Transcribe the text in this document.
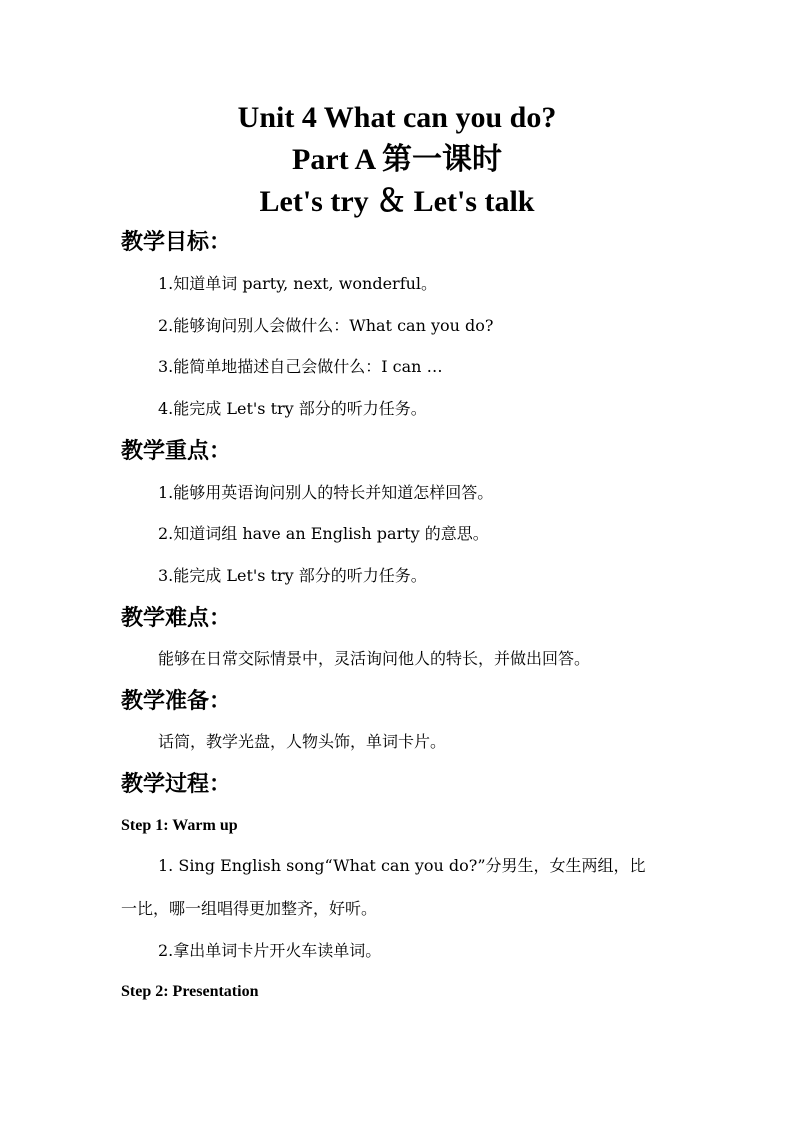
Unit 4 What can you do?
Part A 第一课时
Let's try ＆ Let's talk
教学目标：
1.知道单词 party, next, wonderful。
2.能够询问别人会做什么：What can you do?
3.能简单地描述自己会做什么：I can …
4.能完成 Let's try 部分的听力任务。
教学重点：
1.能够用英语询问别人的特长并知道怎样回答。
2.知道词组 have an English party 的意思。
3.能完成 Let's try 部分的听力任务。
教学难点：
能够在日常交际情景中，灵活询问他人的特长，并做出回答。
教学准备：
话筒，教学光盘，人物头饰，单词卡片。
教学过程：
Step 1: Warm up
1. Sing English song“What can you do?”分男生，女生两组，比
一比，哪一组唱得更加整齐，好听。
2.拿出单词卡片开火车读单词。
Step 2: Presentation
